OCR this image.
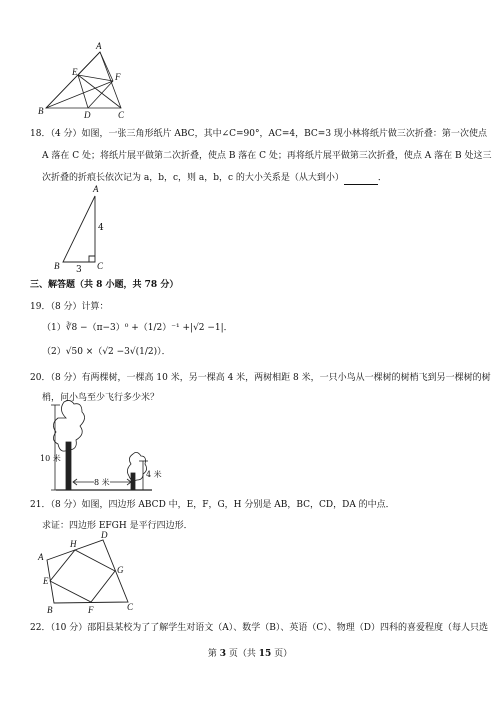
A
E	F
B	D	C
18．（4 分）如图，一张三角形纸片 ABC，其中∠C=90°，AC=4，BC=3 现小林将纸片做三次折叠：第一次使点
A 落在 C 处；将纸片展平做第二次折叠，使点 B 落在 C 处；再将纸片展平做第三次折叠，使点 A 落在 B 处这三
次折叠的折痕长依次记为 a，b，c，则 a，b，c 的大小关系是（从大到小）	．
A
B	C
4
3
三、解答题（共 8 小题，共 78 分）
19．（8 分）计算：
（1）∛8 −（π−3）⁰ +（1/2）⁻¹ +|√2 −1|．
（2）√50 ×（√2 −3√(1/2)）．
20．（8 分）有两棵树，一棵高 10 米，另一棵高 4 米，两树相距 8 米，一只小鸟从一棵树的树梢飞到另一棵树的树
梢，问小鸟至少飞行多少米？
10 米
4 米
8 米
21．（8 分）如图，四边形 ABCD 中，E，F，G，H 分别是 AB，BC，CD，DA 的中点．
求证：四边形 EFGH 是平行四边形．
A
H
D
G
E
B	F	C
22．（10 分）邵阳县某校为了了解学生对语文（A）、数学（B）、英语（C）、物理（D）四科的喜爱程度（每人只选
第 3 页（共 15 页）
